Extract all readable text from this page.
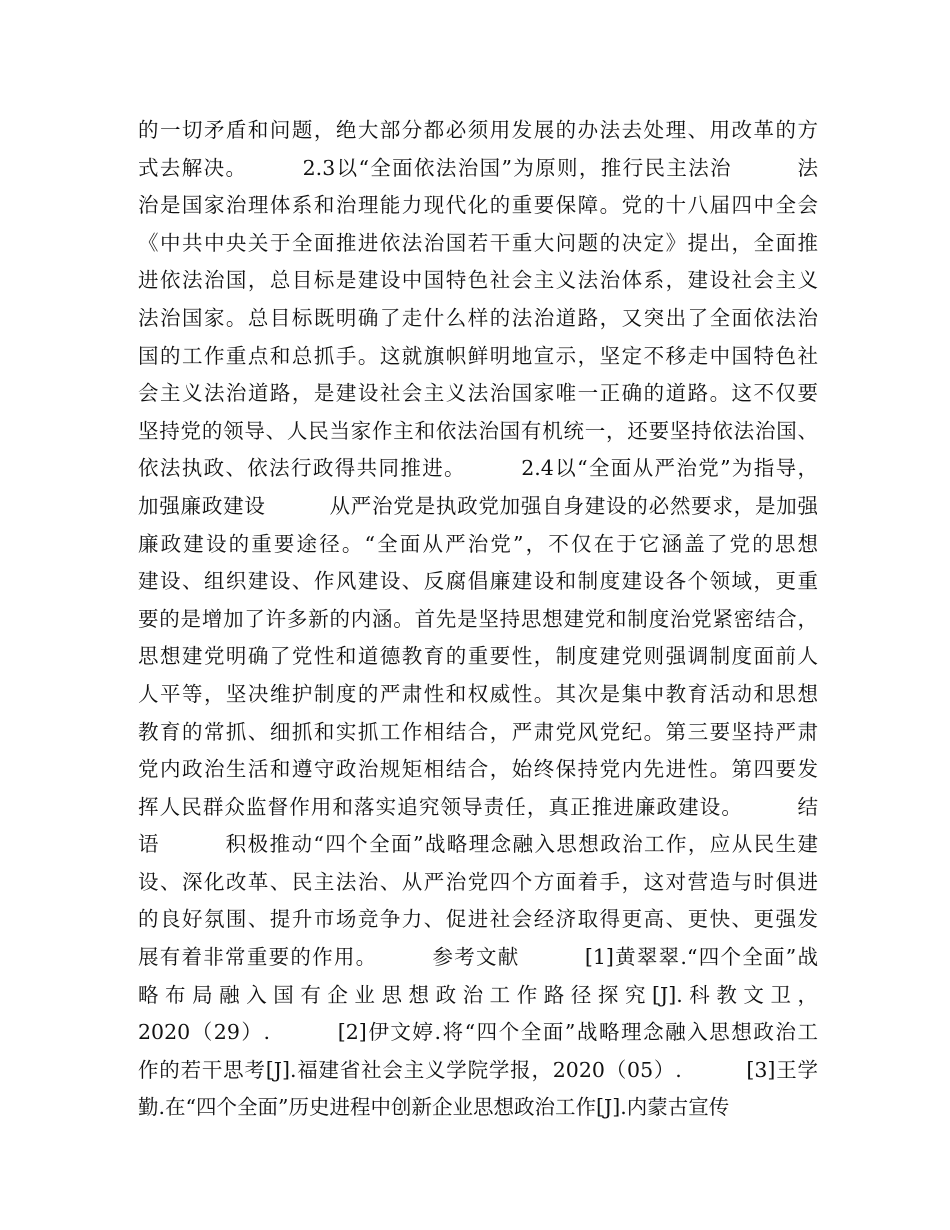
的一切矛盾和问题，绝大部分都必须用发展的办法去处理、用改革的方
式去解决。　　　2.3以“全面依法治国”为原则，推行民主法治　　　法
治是国家治理体系和治理能力现代化的重要保障。党的十八届四中全会
《中共中央关于全面推进依法治国若干重大问题的决定》提出，全面推
进依法治国，总目标是建设中国特色社会主义法治体系，建设社会主义
法治国家。总目标既明确了走什么样的法治道路，又突出了全面依法治
国的工作重点和总抓手。这就旗帜鲜明地宣示，坚定不移走中国特色社
会主义法治道路，是建设社会主义法治国家唯一正确的道路。这不仅要
坚持党的领导、人民当家作主和依法治国有机统一，还要坚持依法治国、
依法执政、依法行政得共同推进。　　　2.4以“全面从严治党”为指导，
加强廉政建设　　　从严治党是执政党加强自身建设的必然要求，是加强
廉政建设的重要途径。“全面从严治党”，不仅在于它涵盖了党的思想
建设、组织建设、作风建设、反腐倡廉建设和制度建设各个领域，更重
要的是增加了许多新的内涵。首先是坚持思想建党和制度治党紧密结合，
思想建党明确了党性和道德教育的重要性，制度建党则强调制度面前人
人平等，坚决维护制度的严肃性和权威性。其次是集中教育活动和思想
教育的常抓、细抓和实抓工作相结合，严肃党风党纪。第三要坚持严肃
党内政治生活和遵守政治规矩相结合，始终保持党内先进性。第四要发
挥人民群众监督作用和落实追究领导责任，真正推进廉政建设。　　　结
语　　　积极推动“四个全面”战略理念融入思想政治工作，应从民生建
设、深化改革、民主法治、从严治党四个方面着手，这对营造与时俱进
的良好氛围、提升市场竞争力、促进社会经济取得更高、更快、更强发
展有着非常重要的作用。　　　参考文献　　　[1]黄翠翠.“四个全面”战
略布局融入国有企业思想政治工作路径探究[J].科教文卫，
2020（29）.　　　[2]伊文婷.将“四个全面”战略理念融入思想政治工
作的若干思考[J].福建省社会主义学院学报，2020（05）.　　　[3]王学
勤.在“四个全面”历史进程中创新企业思想政治工作[J].内蒙古宣传
